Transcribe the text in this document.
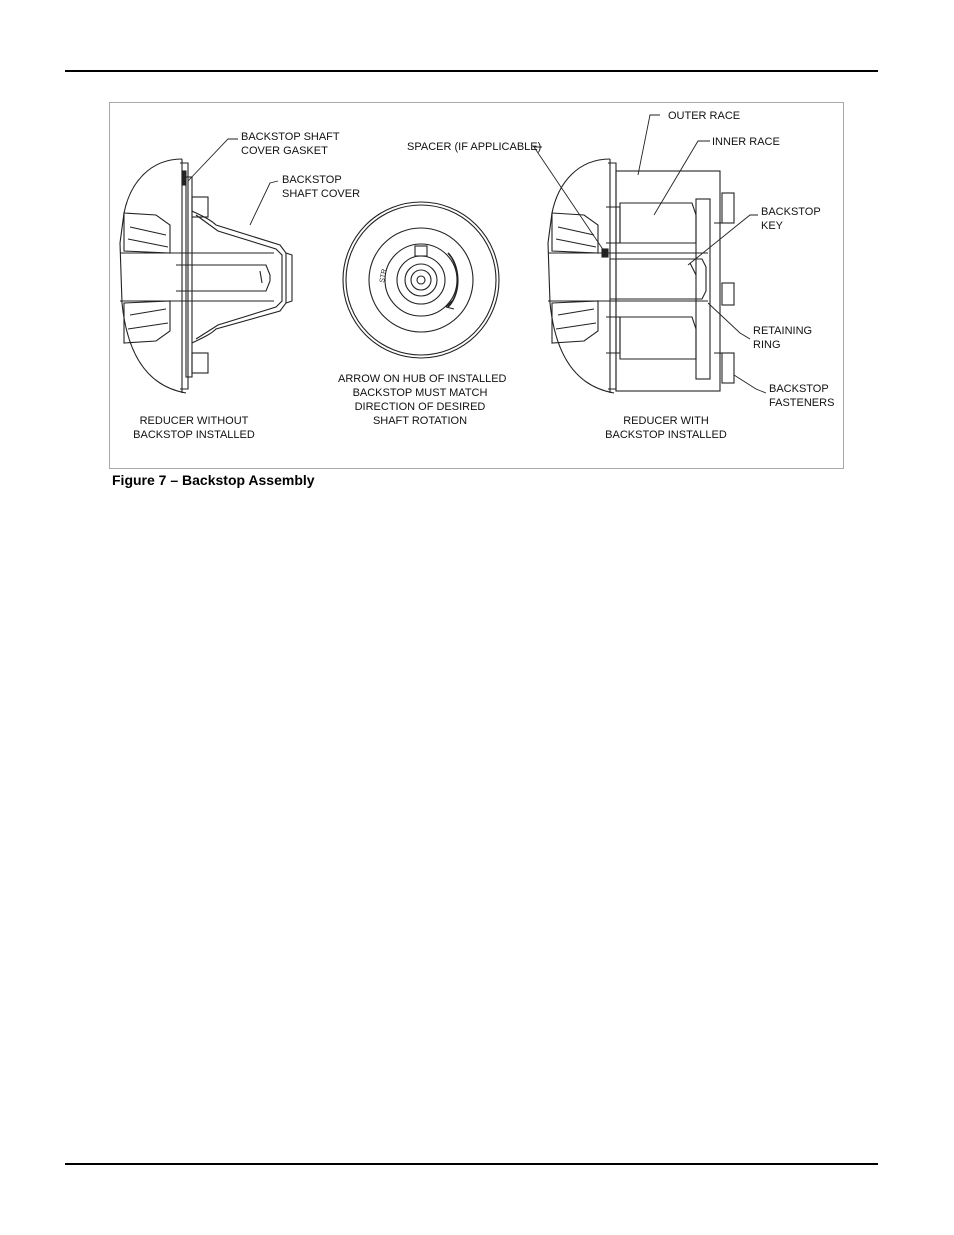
STR
BACKSTOP SHAFT
COVER GASKET
BACKSTOP
SHAFT COVER
SPACER (IF APPLICABLE)
OUTER RACE
INNER RACE
BACKSTOP
KEY
RETAINING
RING
BACKSTOP
FASTENERS
ARROW ON HUB OF INSTALLED
BACKSTOP MUST MATCH
DIRECTION OF DESIRED
SHAFT ROTATION
REDUCER WITHOUT
BACKSTOP INSTALLED
REDUCER WITH
BACKSTOP INSTALLED
Figure 7 – Backstop Assembly
